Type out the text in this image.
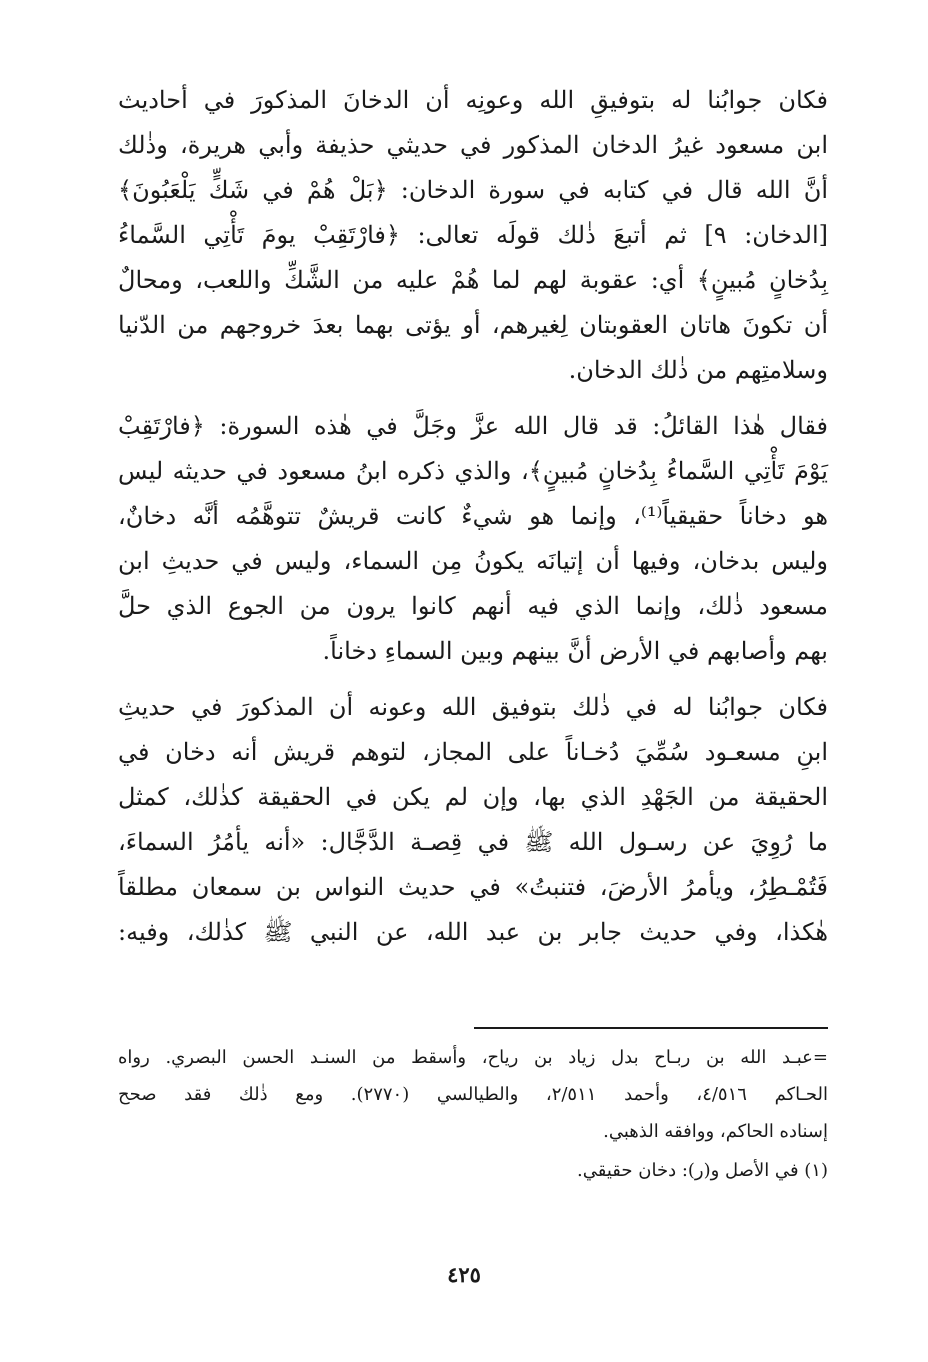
فكان جوابُنا له بتوفيقِ الله وعونِه أن الدخانَ المذكورَ في أحاديث
ابن مسعود غيرُ الدخان المذكور في حديثي حذيفة وأبي هريرة، وذٰلك
أنَّ الله قال في كتابه في سورة الدخان: ﴿بَلْ هُمْ في شَكٍّ يَلْعَبُونَ﴾
[الدخان: ٩] ثم أتبعَ ذٰلك قولَه تعالى: ﴿فارْتَقِبْ يومَ تَأْتِي السَّماءُ
بِدُخانٍ مُبينٍ﴾ أي: عقوبة لهم لما هُمْ عليه من الشَّكِّ واللعب، ومحالٌ
أن تكونَ هاتان العقوبتان لِغيرهم، أو يؤتى بهما بعدَ خروجهم من الدّنيا
وسلامتِهم من ذٰلك الدخان.
فقال هٰذا القائلُ: قد قال الله عزَّ وجَلَّ في هٰذه السورة: ﴿فارْتَقِبْ
يَوْمَ تَأْتِي السَّماءُ بِدُخانٍ مُبينٍ﴾، والذي ذكره ابنُ مسعود في حديثه ليس
هو دخاناً حقيقياً⁽¹⁾، وإنما هو شيءٌ كانت قريشٌ تتوهَّمُه أنَّه دخانٌ،
وليس بدخان، وفيها أن إتيانَه يكونُ مِن السماء، وليس في حديثِ ابن
مسعود ذٰلك، وإنما الذي فيه أنهم كانوا يرون من الجوع الذي حلَّ
بهم وأصابهم في الأرض أنَّ بينهم وبين السماءِ دخاناً.
فكان جوابُنا له في ذٰلك بتوفيق الله وعونه أن المذكورَ في حديثِ
ابنِ مسعـود سُمِّيَ دُخـاناً على المجاز، لتوهم قريش أنه دخان في
الحقيقة من الجَهْدِ الذي بها، وإن لم يكن في الحقيقة كذٰلك، كمثل
ما رُوِيَ عن رسـول الله ﷺ في قِصـة الدَّجَّال: «أنه يأمُرُ السماءَ،
فَتُمْـطِرُ، ويأمرُ الأرضَ، فتنبتُ» في حديث النواس بن سمعان مطلقاً
هٰكذا، وفي حديث جابر بن عبد الله، عن النبي ﷺ كذٰلك، وفيه:
=عبـد الله بن ربـاح بدل زياد بن رياح، وأسقط من السنـد الحسن البصري. رواه
الحـاكم ٤/٥١٦، وأحمد ٢/٥١١، والطيالسي (٢٧٧٠). ومع ذٰلك فقد صحح
إسناده الحاكم، ووافقه الذهبي.
(١) في الأصل و(ر): دخان حقيقي.
٤٢٥
